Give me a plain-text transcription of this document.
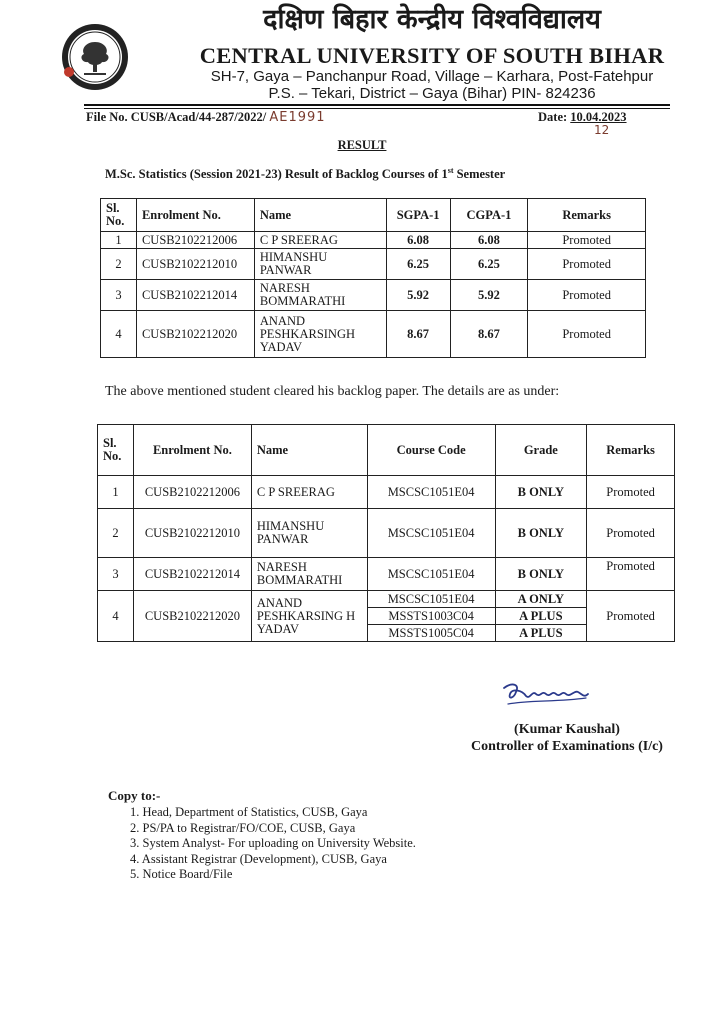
दक्षिण बिहार केन्द्रीय विश्वविद्यालय
CENTRAL UNIVERSITY OF SOUTH BIHAR
SH-7, Gaya – Panchanpur Road, Village – Karhara, Post-Fatehpur
P.S. – Tekari, District – Gaya (Bihar) PIN- 824236
File No. CUSB/Acad/44-287/2022/ AE1991	Date: 10.04.2023
12
RESULT
M.Sc. Statistics (Session 2021-23) Result of Backlog Courses of 1st Semester
Sl. No.	Enrolment No.	Name	SGPA-1	CGPA-1	Remarks
1	CUSB2102212006	C P SREERAG	6.08	6.08	Promoted
2	CUSB2102212010	HIMANSHU PANWAR	6.25	6.25	Promoted
3	CUSB2102212014	NARESH BOMMARATHI	5.92	5.92	Promoted
4	CUSB2102212020	ANAND PESHKARSINGH YADAV	8.67	8.67	Promoted
The above mentioned student cleared his backlog paper. The details are as under:
Sl. No.	Enrolment No.	Name	Course Code	Grade	Remarks
1	CUSB2102212006	C P SREERAG	MSCSC1051E04	B ONLY	Promoted
2	CUSB2102212010	HIMANSHU PANWAR	MSCSC1051E04	B ONLY	Promoted
3	CUSB2102212014	NARESH BOMMARATHI	MSCSC1051E04	B ONLY	Promoted
4	CUSB2102212020	ANAND PESHKARSING H YADAV	MSCSC1051E04	A ONLY	Promoted
			MSSTS1003C04	A PLUS	
			MSSTS1005C04	A PLUS	
(Kumar Kaushal)
Controller of Examinations (I/c)
Copy to:-
1. Head, Department of Statistics, CUSB, Gaya
2. PS/PA to Registrar/FO/COE, CUSB, Gaya
3. System Analyst- For uploading on University Website.
4. Assistant Registrar (Development), CUSB, Gaya
5. Notice Board/File
